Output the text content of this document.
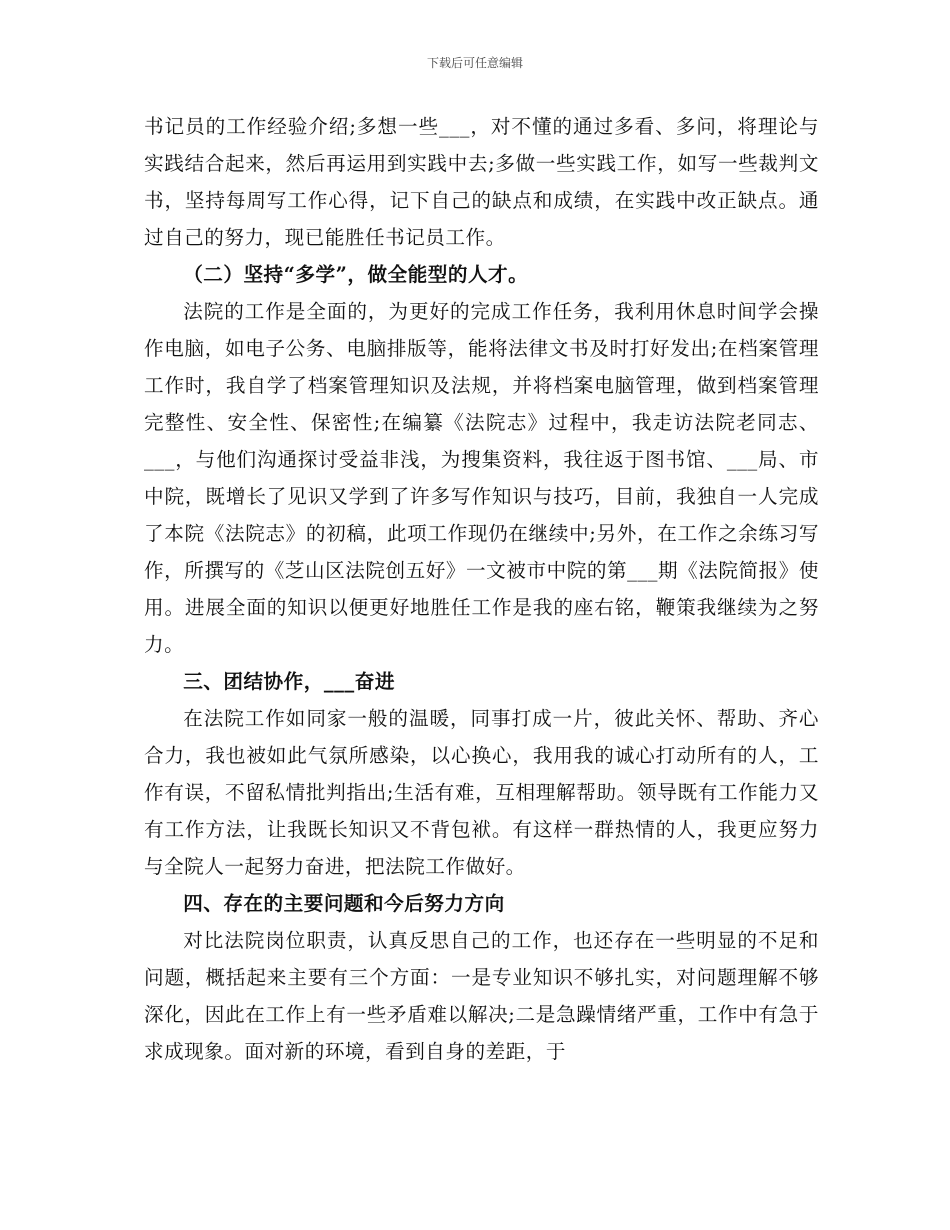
下载后可任意编辑

书记员的工作经验介绍;多想一些___，对不懂的通过多看、多问，将理论与实践结合起来，然后再运用到实践中去;多做一些实践工作，如写一些裁判文书，坚持每周写工作心得，记下自己的缺点和成绩，在实践中改正缺点。通过自己的努力，现已能胜任书记员工作。

（二）坚持“多学”，做全能型的人才。

法院的工作是全面的，为更好的完成工作任务，我利用休息时间学会操作电脑，如电子公务、电脑排版等，能将法律文书及时打好发出;在档案管理工作时，我自学了档案管理知识及法规，并将档案电脑管理，做到档案管理完整性、安全性、保密性;在编纂《法院志》过程中，我走访法院老同志、___，与他们沟通探讨受益非浅，为搜集资料，我往返于图书馆、___局、市中院，既增长了见识又学到了许多写作知识与技巧，目前，我独自一人完成了本院《法院志》的初稿，此项工作现仍在继续中;另外，在工作之余练习写作，所撰写的《芝山区法院创五好》一文被市中院的第___期《法院简报》使用。进展全面的知识以便更好地胜任工作是我的座右铭，鞭策我继续为之努力。

三、团结协作，___奋进

在法院工作如同家一般的温暖，同事打成一片，彼此关怀、帮助、齐心合力，我也被如此气氛所感染，以心换心，我用我的诚心打动所有的人，工作有误，不留私情批判指出;生活有难，互相理解帮助。领导既有工作能力又有工作方法，让我既长知识又不背包袱。有这样一群热情的人，我更应努力与全院人一起努力奋进，把法院工作做好。

四、存在的主要问题和今后努力方向

对比法院岗位职责，认真反思自己的工作，也还存在一些明显的不足和问题，概括起来主要有三个方面：一是专业知识不够扎实，对问题理解不够深化，因此在工作上有一些矛盾难以解决;二是急躁情绪严重，工作中有急于求成现象。面对新的环境，看到自身的差距，于
